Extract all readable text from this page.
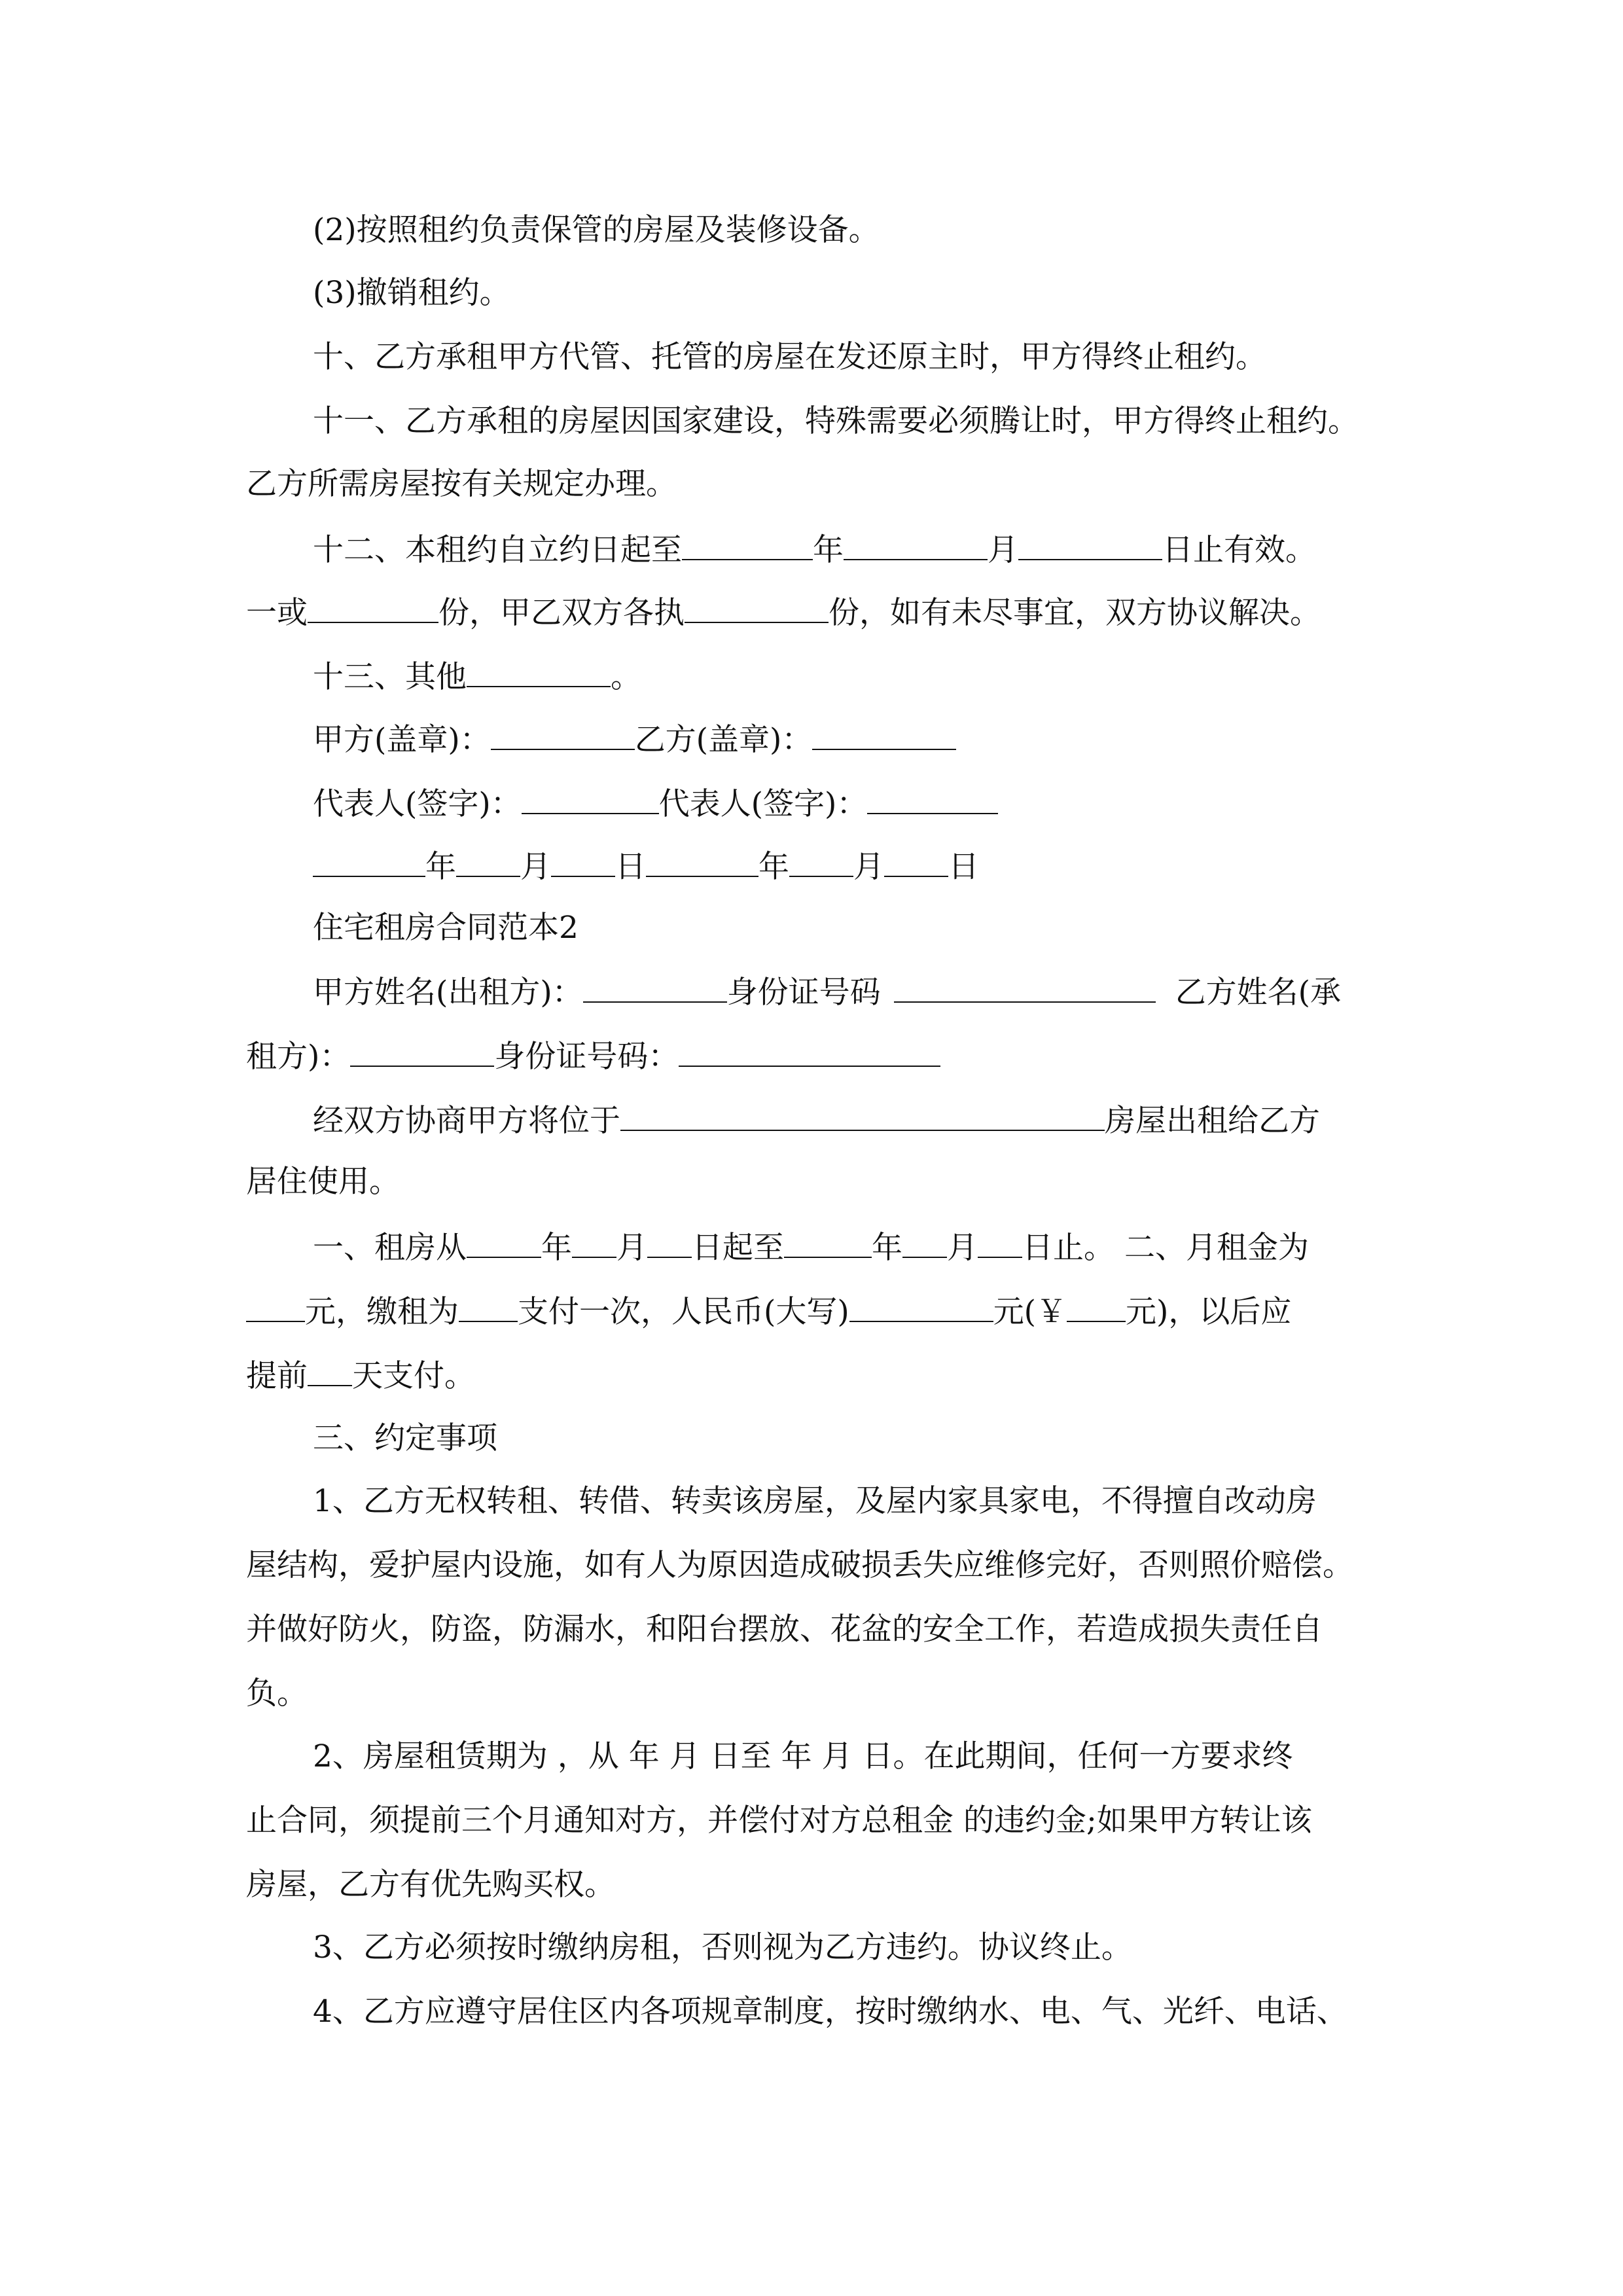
(2)按照租约负责保管的房屋及装修设备。
(3)撤销租约。
十、乙方承租甲方代管、托管的房屋在发还原主时，甲方得终止租约。
十一、乙方承租的房屋因国家建设，特殊需要必须腾让时，甲方得终止租约。
乙方所需房屋按有关规定办理。
十二、本租约自立约日起至	年	月	日止有效。
一或	份，甲乙双方各执	份，如有未尽事宜，双方协议解决。
十三、其他	。
甲方(盖章)：	乙方(盖章)：
代表人(签字)：	代表人(签字)：
年 月 日	年 月 日
住宅租房合同范本2
甲方姓名(出租方)：	身份证号码	乙方姓名(承
租方)：	身份证号码：
经双方协商甲方将位于	房屋出租给乙方
居住使用。
一、租房从 年 月 日起至	年 月 日止。 二、月租金为
元，缴租为 支付一次，人民币(大写)	元(￥ 元)，以后应
提前 天支付。
三、约定事项
1、乙方无权转租、转借、转卖该房屋，及屋内家具家电，不得擅自改动房
屋结构，爱护屋内设施，如有人为原因造成破损丢失应维修完好，否则照价赔偿。
并做好防火，防盗，防漏水，和阳台摆放、花盆的安全工作，若造成损失责任自
负。
2、房屋租赁期为 ，从 年 月 日至 年 月 日。在此期间，任何一方要求终
止合同，须提前三个月通知对方，并偿付对方总租金 的违约金;如果甲方转让该
房屋，乙方有优先购买权。
3、乙方必须按时缴纳房租，否则视为乙方违约。协议终止。
4、乙方应遵守居住区内各项规章制度，按时缴纳水、电、气、光纤、电话、
